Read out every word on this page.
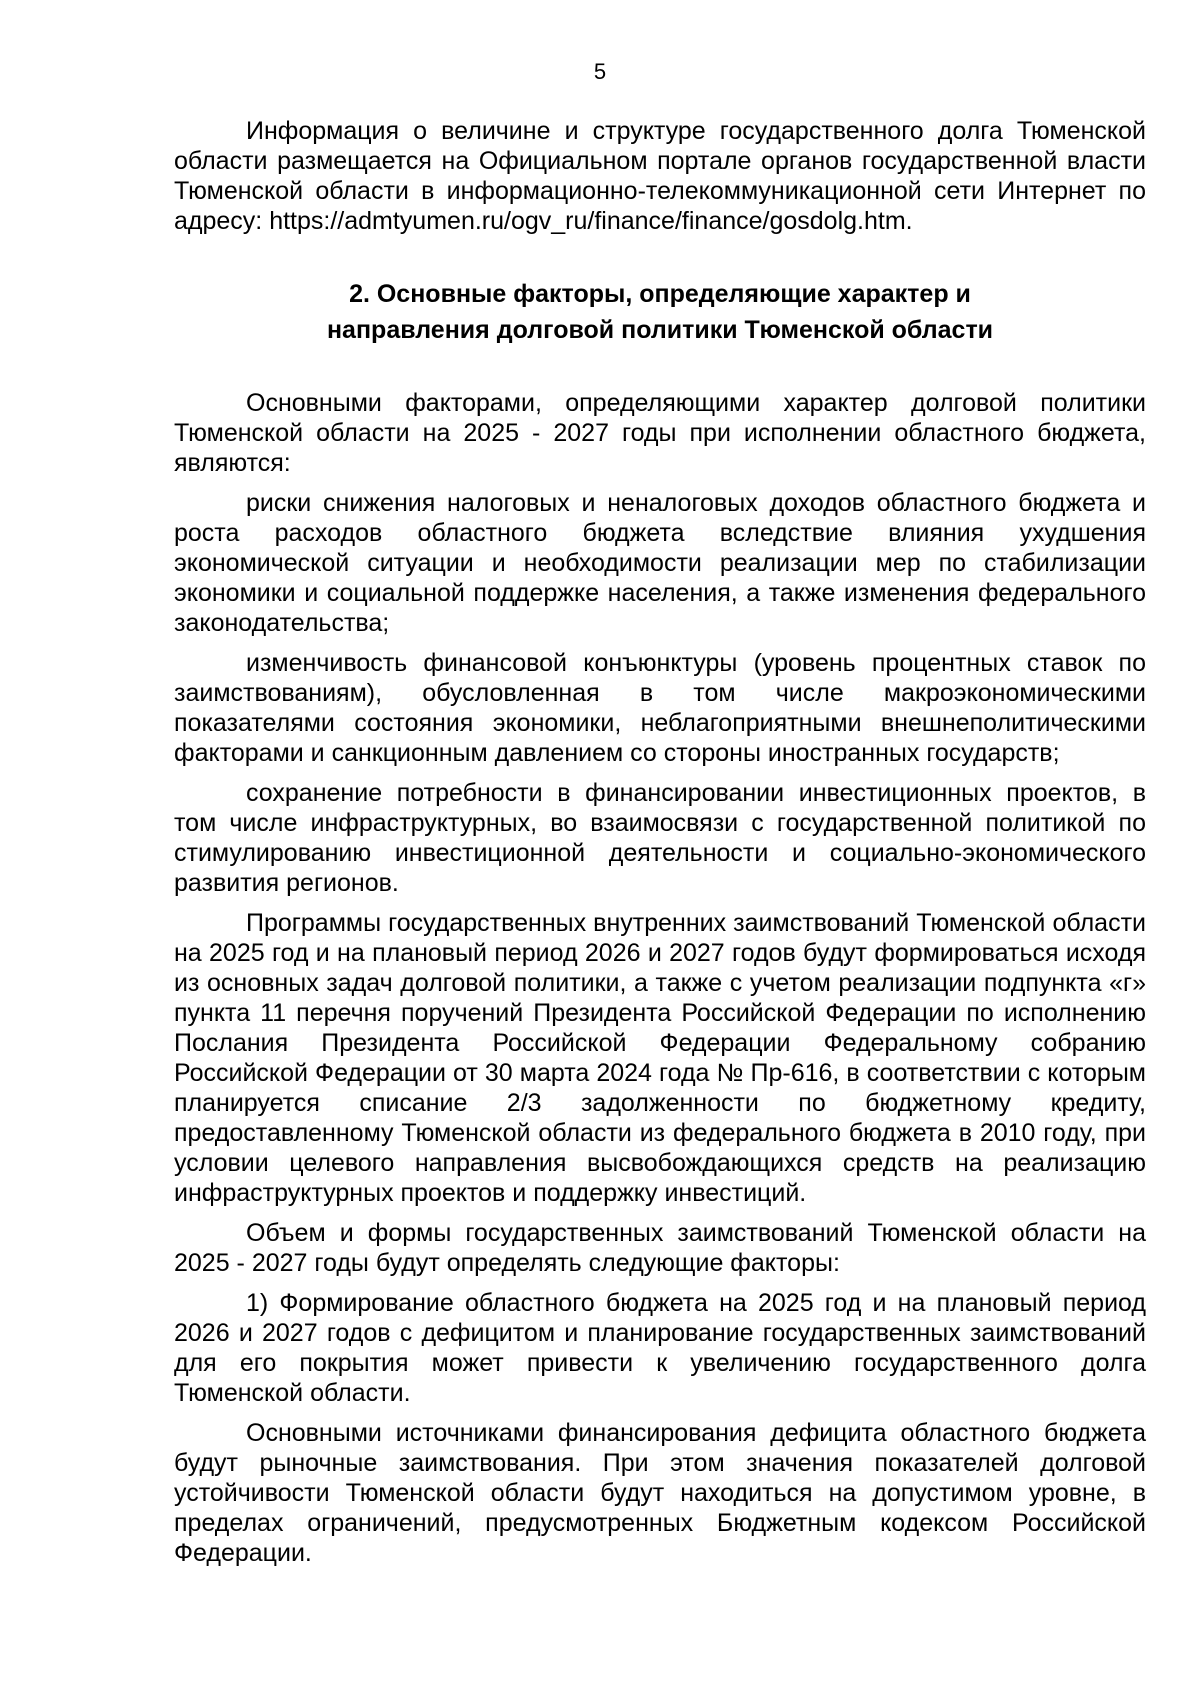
5

Информация о величине и структуре государственного долга Тюменской области размещается на Официальном портале органов государственной власти Тюменской области в информационно-телекоммуникационной сети Интернет по адресу: https://admtyumen.ru/ogv_ru/finance/finance/gosdolg.htm.

2. Основные факторы, определяющие характер и
направления долговой политики Тюменской области

Основными факторами, определяющими характер долговой политики Тюменской области на 2025 - 2027 годы при исполнении областного бюджета, являются:

риски снижения налоговых и неналоговых доходов областного бюджета и роста расходов областного бюджета вследствие влияния ухудшения экономической ситуации и необходимости реализации мер по стабилизации экономики и социальной поддержке населения, а также изменения федерального законодательства;

изменчивость финансовой конъюнктуры (уровень процентных ставок по заимствованиям), обусловленная в том числе макроэкономическими показателями состояния экономики, неблагоприятными внешнеполитическими факторами и санкционным давлением со стороны иностранных государств;

сохранение потребности в финансировании инвестиционных проектов, в том числе инфраструктурных, во взаимосвязи с государственной политикой по стимулированию инвестиционной деятельности и социально-экономического развития регионов.

Программы государственных внутренних заимствований Тюменской области на 2025 год и на плановый период 2026 и 2027 годов будут формироваться исходя из основных задач долговой политики, а также с учетом реализации подпункта «г» пункта 11 перечня поручений Президента Российской Федерации по исполнению Послания Президента Российской Федерации Федеральному собранию Российской Федерации от 30 марта 2024 года № Пр-616, в соответствии с которым планируется списание 2/3 задолженности по бюджетному кредиту, предоставленному Тюменской области из федерального бюджета в 2010 году, при условии целевого направления высвобождающихся средств на реализацию инфраструктурных проектов и поддержку инвестиций.

Объем и формы государственных заимствований Тюменской области на 2025 - 2027 годы будут определять следующие факторы:

1) Формирование областного бюджета на 2025 год и на плановый период 2026 и 2027 годов с дефицитом и планирование государственных заимствований для его покрытия может привести к увеличению государственного долга Тюменской области.

Основными источниками финансирования дефицита областного бюджета будут рыночные заимствования. При этом значения показателей долговой устойчивости Тюменской области будут находиться на допустимом уровне, в пределах ограничений, предусмотренных Бюджетным кодексом Российской Федерации.
